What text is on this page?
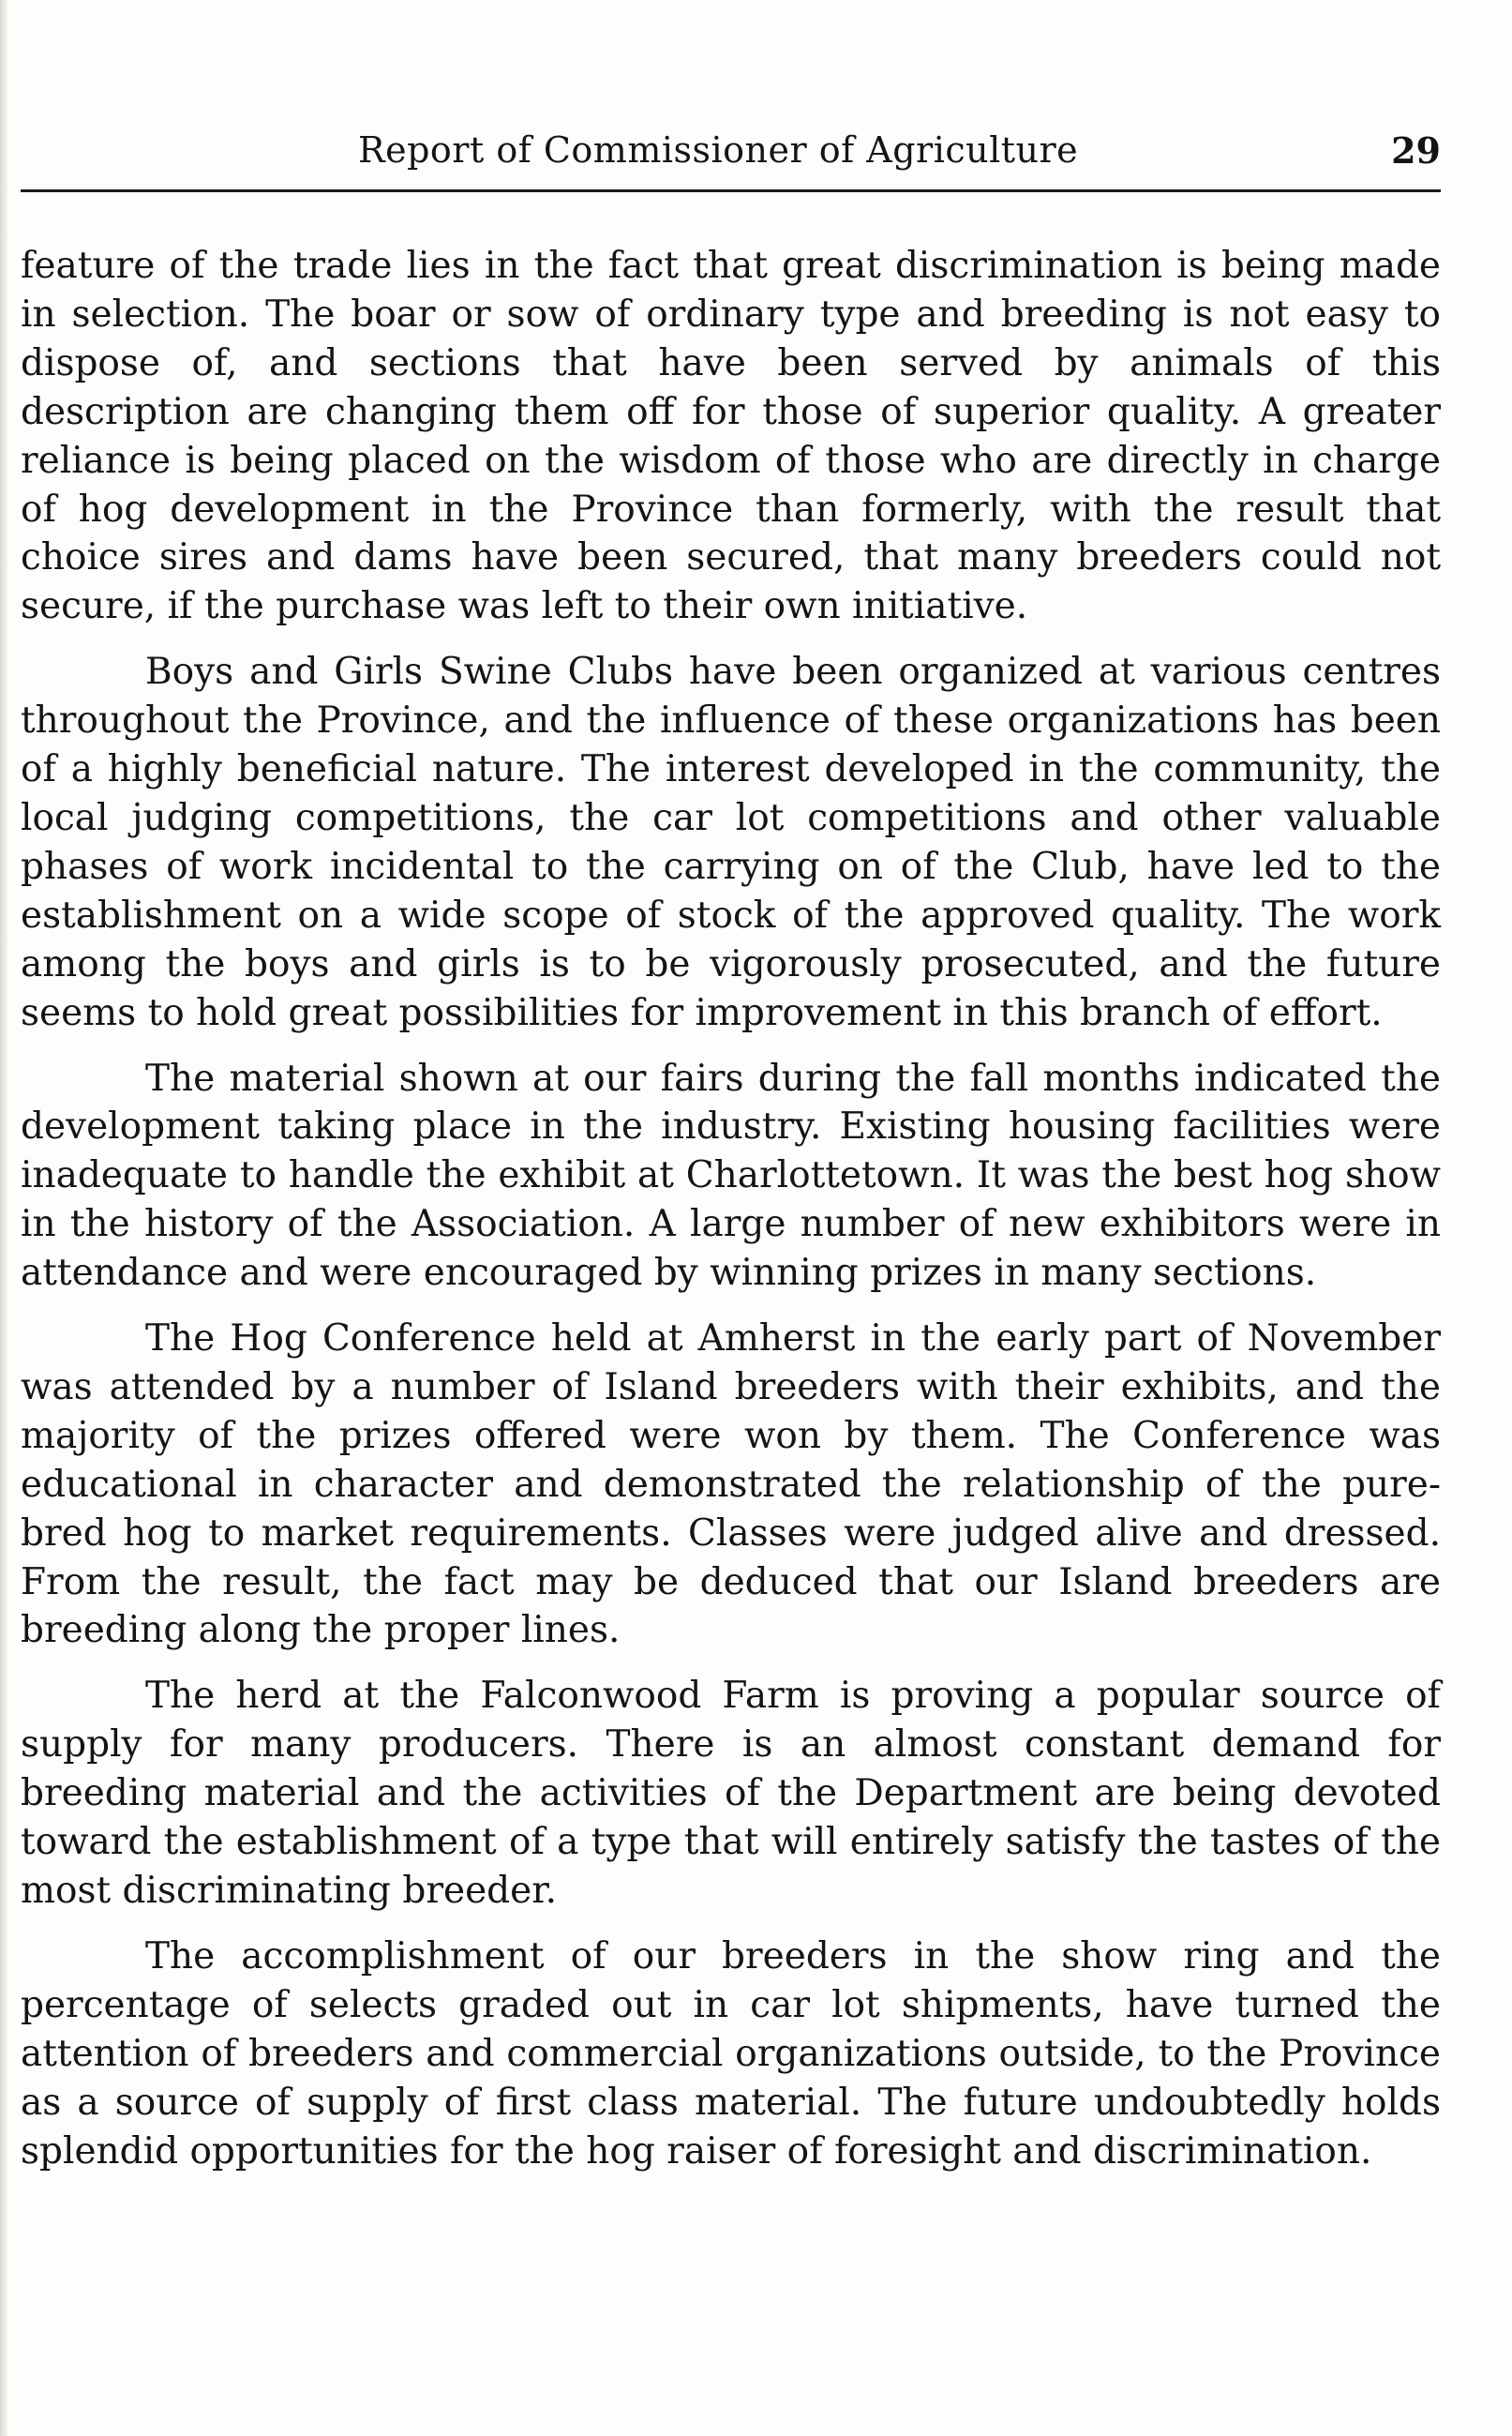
Report of Commissioner of Agriculture	29

feature of the trade lies in the fact that great discrimination is being made in selection. The boar or sow of ordinary type and breeding is not easy to dispose of, and sections that have been served by animals of this description are changing them off for those of superior quality. A greater reliance is being placed on the wisdom of those who are directly in charge of hog development in the Province than formerly, with the result that choice sires and dams have been secured, that many breeders could not secure, if the purchase was left to their own initiative.

Boys and Girls Swine Clubs have been organized at various centres throughout the Province, and the influence of these organizations has been of a highly beneficial nature. The interest developed in the community, the local judging competitions, the car lot competitions and other valuable phases of work incidental to the carrying on of the Club, have led to the establishment on a wide scope of stock of the approved quality. The work among the boys and girls is to be vigorously prosecuted, and the future seems to hold great possibilities for improvement in this branch of effort.

The material shown at our fairs during the fall months indicated the development taking place in the industry. Existing housing facilities were inadequate to handle the exhibit at Charlottetown. It was the best hog show in the history of the Association. A large number of new exhibitors were in attendance and were encouraged by winning prizes in many sections.

The Hog Conference held at Amherst in the early part of November was attended by a number of Island breeders with their exhibits, and the majority of the prizes offered were won by them. The Conference was educational in character and demonstrated the relationship of the pure-bred hog to market requirements. Classes were judged alive and dressed. From the result, the fact may be deduced that our Island breeders are breeding along the proper lines.

The herd at the Falconwood Farm is proving a popular source of supply for many producers. There is an almost constant demand for breeding material and the activities of the Department are being devoted toward the establishment of a type that will entirely satisfy the tastes of the most discriminating breeder.

The accomplishment of our breeders in the show ring and the percentage of selects graded out in car lot shipments, have turned the attention of breeders and commercial organizations outside, to the Province as a source of supply of first class material. The future undoubtedly holds splendid opportunities for the hog raiser of foresight and discrimination.
